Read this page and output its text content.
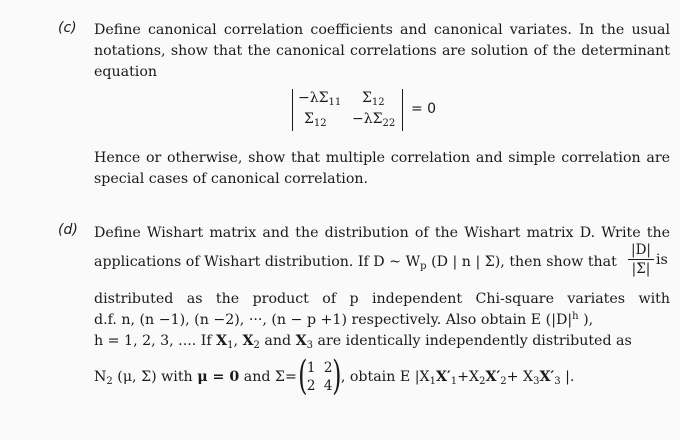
(c) Define canonical correlation coefficients and canonical variates. In the usual
notations, show that the canonical correlations are solution of the determinant
equation
$-\lambda\Sigma_{11}$ $\Sigma_{12}$
$\Sigma_{12} -\lambda\Sigma_{22}$
= 0
Hence or otherwise, show that multiple correlation and simple correlation are
special cases of canonical correlation.
(d) Define Wishart matrix and the distribution of the Wishart matrix D. Write the
applications of Wishart distribution. If D ~ $W_p$ (D | n | Σ), then show that
|D|
|Σ|
is
distributed as the product of p independent Chi-square variates with
d.f. n, (n −1), (n −2), ···, (n − p +1) respectively. Also obtain E ($|D|^h$ ),
h = 1, 2, 3, .... If $X_1$, $X_2$ and $X_3$ are identically independently distributed as
$N_2$ (μ, Σ) with μ = 0 and Σ= ( )
1 2
2 4
, obtain E $|X_1X'_1+X_2X'_2+ X_3X'_3$ |.
